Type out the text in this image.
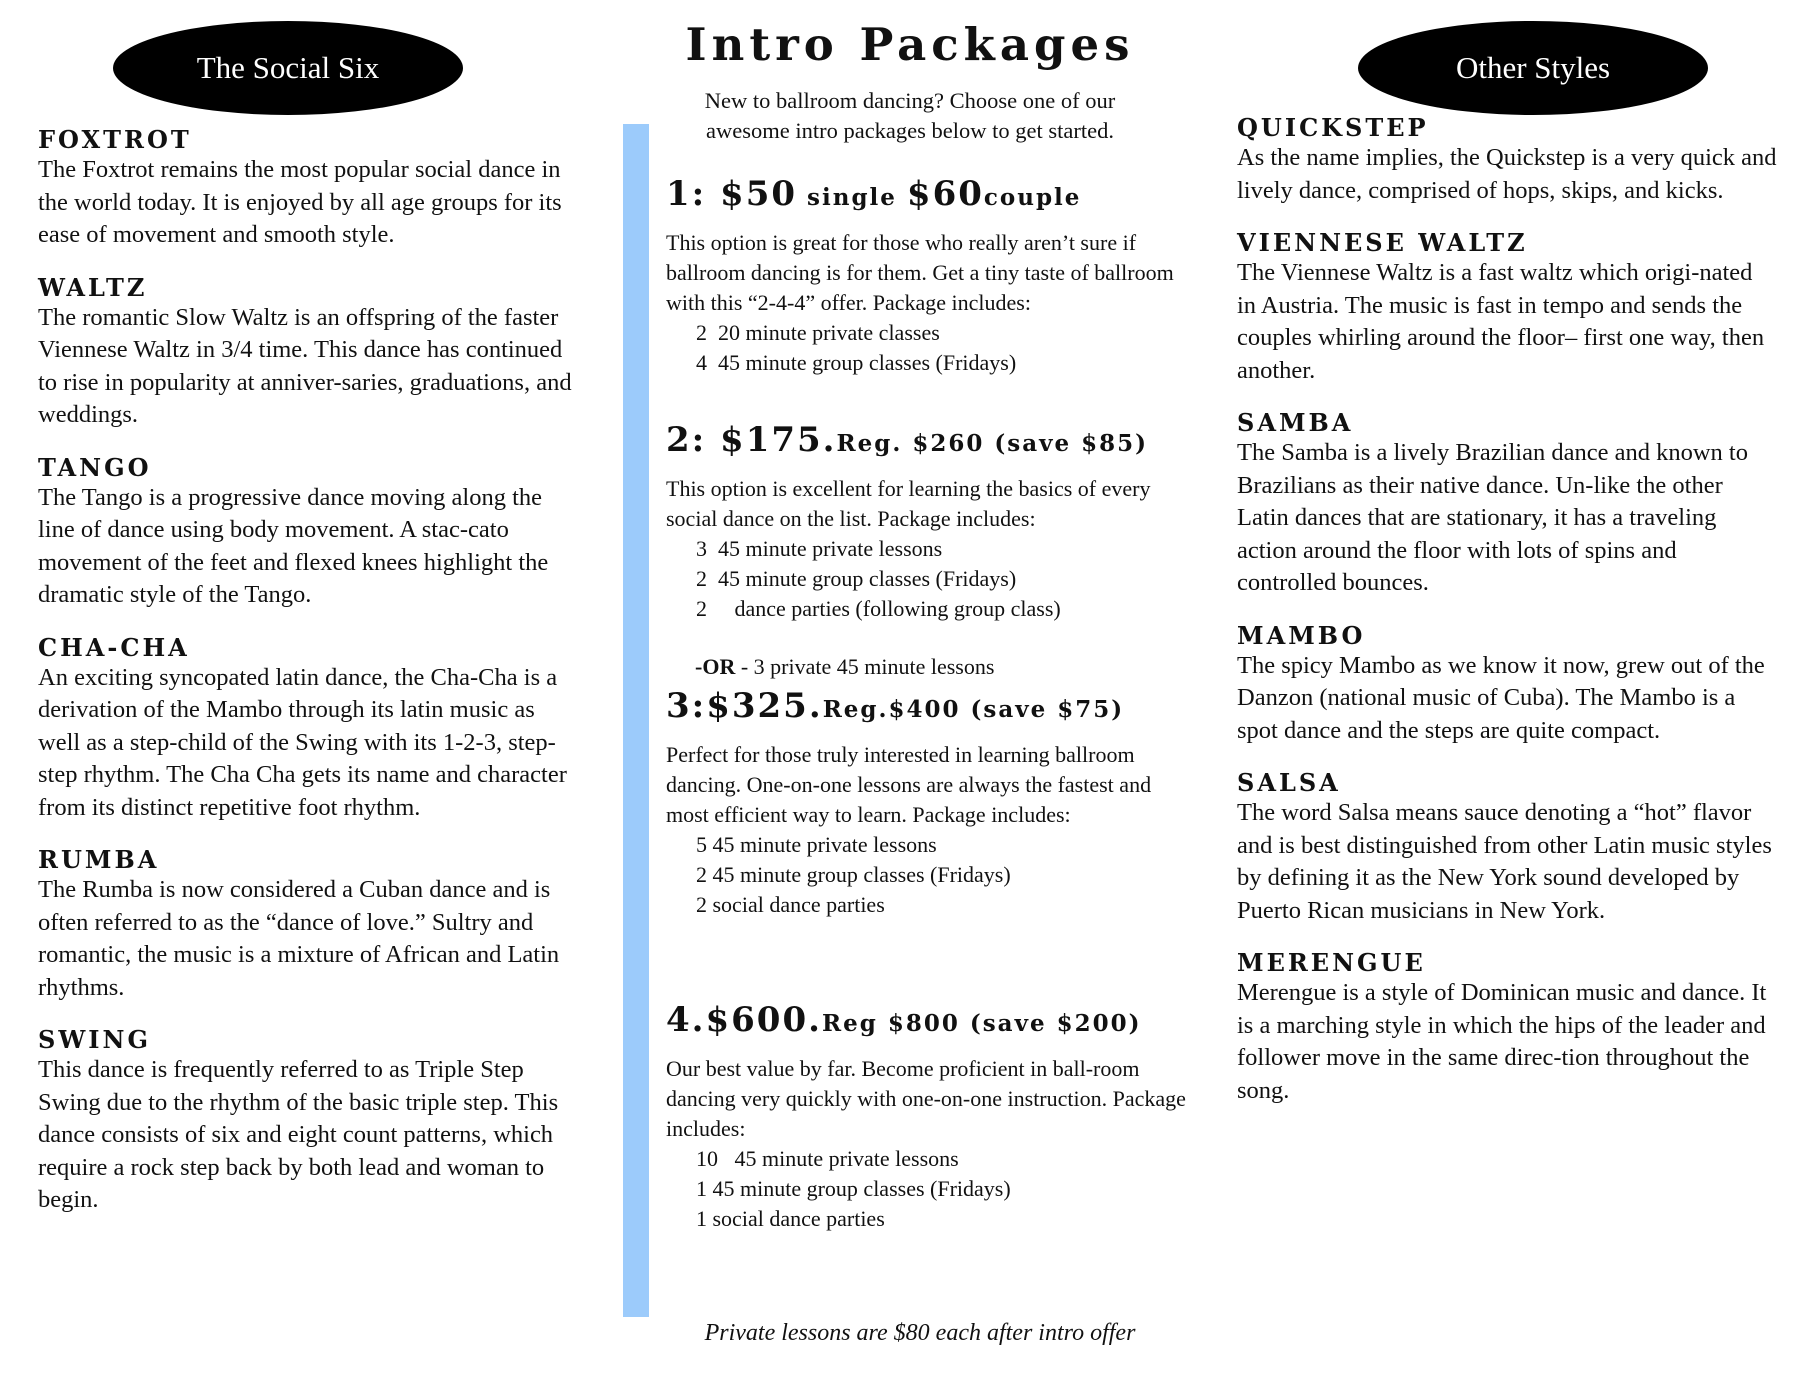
The Social Six	Other Styles

FOXTROT

The Foxtrot remains the most popular social dance in the world today. It is enjoyed by all age groups for its ease of movement and smooth style.

WALTZ

The romantic Slow Waltz is an offspring of the faster Viennese Waltz in 3/4 time. This dance has continued to rise in popularity at anniver-saries, graduations, and weddings.

TANGO

The Tango is a progressive dance moving along the line of dance using body movement. A stac-cato movement of the feet and flexed knees highlight the dramatic style of the Tango.

CHA-CHA

An exciting syncopated latin dance, the Cha-Cha is a derivation of the Mambo through its latin music as well as a step-child of the Swing with its 1-2-3, step-step rhythm. The Cha Cha gets its name and character from its distinct repetitive foot rhythm.

RUMBA

The Rumba is now considered a Cuban dance and is often referred to as the “dance of love.” Sultry and romantic, the music is a mixture of African and Latin rhythms.

SWING

This dance is frequently referred to as Triple Step Swing due to the rhythm of the basic triple step. This dance consists of six and eight count patterns, which require a rock step back by both lead and woman to begin.

Intro Packages
New to ballroom dancing? Choose one of our awesome intro packages below to get started.

1: $50 single $60couple

This option is great for those who really aren’t sure if ballroom dancing is for them. Get a tiny taste of ballroom with this “2-4-4” offer. Package includes:

2  20 minute private classes

4  45 minute group classes (Fridays)

2: $175.Reg. $260 (save $85)

This option is excellent for learning the basics of every social dance on the list. Package includes:

3  45 minute private lessons

2  45 minute group classes (Fridays)

2     dance parties (following group class)

-OR - 3 private 45 minute lessons

3:$325.Reg.$400 (save $75)

Perfect for those truly interested in learning ballroom dancing. One-on-one lessons are always the fastest and most efficient way to learn. Package includes:

5 45 minute private lessons

2 45 minute group classes (Fridays)

2 social dance parties

4.$600.Reg $800 (save $200)

Our best value by far. Become proficient in ball-room dancing very quickly with one-on-one instruction. Package includes:

10   45 minute private lessons

1 45 minute group classes (Fridays)

1 social dance parties

Private lessons are $80 each after intro offer

QUICKSTEP

As the name implies, the Quickstep is a very quick and lively dance, comprised of hops, skips, and kicks.

VIENNESE WALTZ

The Viennese Waltz is a fast waltz which origi-nated in Austria. The music is fast in tempo and sends the couples whirling around the floor– first one way, then another.

SAMBA

The Samba is a lively Brazilian dance and known to Brazilians as their native dance. Un-like the other Latin dances that are stationary, it has a traveling action around the floor with lots of spins and controlled bounces.

MAMBO

The spicy Mambo as we know it now, grew out of the Danzon (national music of Cuba). The Mambo is a spot dance and the steps are quite compact.

SALSA

The word Salsa means sauce denoting a “hot” flavor and is best distinguished from other Latin music styles by defining it as the New York sound developed by Puerto Rican musicians in New York.

MERENGUE

Merengue is a style of Dominican music and dance. It is a marching style in which the hips of the leader and follower move in the same direc-tion throughout the song.
